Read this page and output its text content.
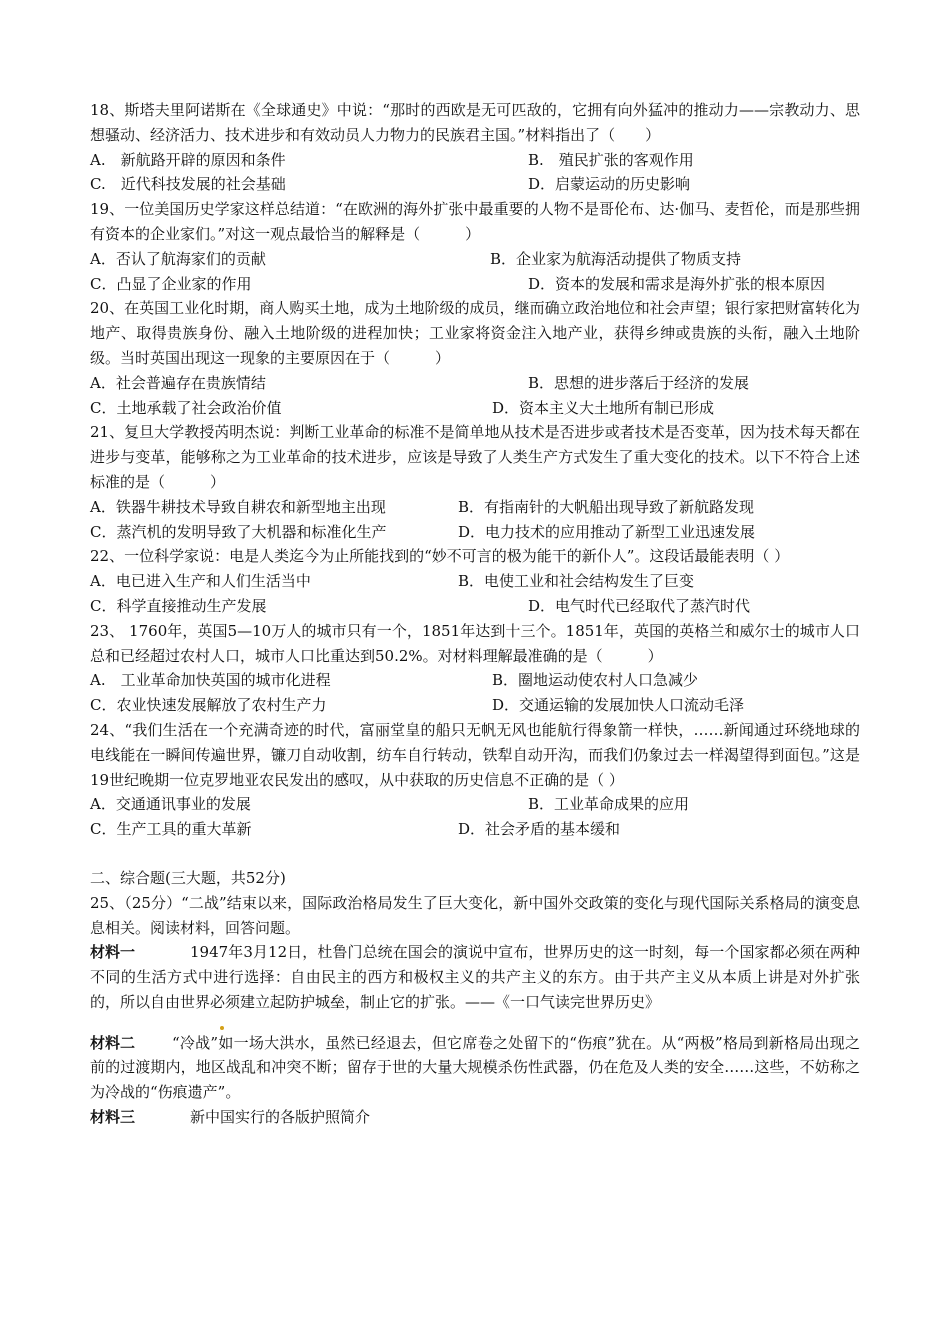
18、斯塔夫里阿诺斯在《全球通史》中说：“那时的西欧是无可匹敌的，它拥有向外猛冲的推动力——宗教动力、思想骚动、经济活力、技术进步和有效动员人力物力的民族君主国。”材料指出了（　　）
A.　新航路开辟的原因和条件	B.　殖民扩张的客观作用
C.　近代科技发展的社会基础	D．启蒙运动的历史影响
19、一位美国历史学家这样总结道：“在欧洲的海外扩张中最重要的人物不是哥伦布、达·伽马、麦哲伦，而是那些拥有资本的企业家们。”对这一观点最恰当的解释是（　　　）
A．否认了航海家们的贡献	B．企业家为航海活动提供了物质支持
C．凸显了企业家的作用	D．资本的发展和需求是海外扩张的根本原因
20、在英国工业化时期，商人购买土地，成为土地阶级的成员，继而确立政治地位和社会声望；银行家把财富转化为地产、取得贵族身份、融入土地阶级的进程加快；工业家将资金注入地产业，获得乡绅或贵族的头衔，融入土地阶级。当时英国出现这一现象的主要原因在于（　　　）
A．社会普遍存在贵族情结	B．思想的进步落后于经济的发展
C．土地承载了社会政治价值	D．资本主义大土地所有制已形成
21、复旦大学教授芮明杰说：判断工业革命的标准不是简单地从技术是否进步或者技术是否变革，因为技术每天都在进步与变革，能够称之为工业革命的技术进步，应该是导致了人类生产方式发生了重大变化的技术。以下不符合上述标准的是（　　　）
A．铁器牛耕技术导致自耕农和新型地主出现	B．有指南针的大帆船出现导致了新航路发现
C．蒸汽机的发明导致了大机器和标准化生产	D．电力技术的应用推动了新型工业迅速发展
22、一位科学家说：电是人类迄今为止所能找到的“妙不可言的极为能干的新仆人”。这段话最能表明（ ）
A．电已进入生产和人们生活当中	B．电使工业和社会结构发生了巨变
C．科学直接推动生产发展	D．电气时代已经取代了蒸汽时代
23、 1760年，英国5—10万人的城市只有一个，1851年达到十三个。1851年，英国的英格兰和威尔士的城市人口总和已经超过农村人口，城市人口比重达到50.2%。对材料理解最准确的是（　　　）
A.　工业革命加快英国的城市化进程	B．圈地运动使农村人口急减少
C．农业快速发展解放了农村生产力	D．交通运输的发展加快人口流动毛泽
24、“我们生活在一个充满奇迹的时代，富丽堂皇的船只无帆无风也能航行得象箭一样快，……新闻通过环绕地球的电线能在一瞬间传遍世界，镰刀自动收割，纺车自行转动，铁犁自动开沟，而我们仍象过去一样渴望得到面包。”这是19世纪晚期一位克罗地亚农民发出的感叹，从中获取的历史信息不正确的是（ ）
A．交通通讯事业的发展	B．工业革命成果的应用
C．生产工具的重大革新	D．社会矛盾的基本缓和
二、综合题(三大题，共52分)
25、（25分）“二战”结束以来，国际政治格局发生了巨大变化，新中国外交政策的变化与现代国际关系格局的演变息息相关。阅读材料，回答问题。
材料一	1947年3月12日，杜鲁门总统在国会的演说中宣布，世界历史的这一时刻，每一个国家都必须在两种不同的生活方式中进行选择：自由民主的西方和极权主义的共产主义的东方。由于共产主义从本质上讲是对外扩张的，所以自由世界必须建立起防护城垒，制止它的扩张。——《一口气读完世界历史》
材料二 “冷战”如一场大洪水，虽然已经退去，但它席卷之处留下的“伤痕”犹在。从“两极”格局到新格局出现之前的过渡期内，地区战乱和冲突不断；留存于世的大量大规模杀伤性武器，仍在危及人类的安全……这些，不妨称之为冷战的“伤痕遗产”。
材料三	新中国实行的各版护照简介
